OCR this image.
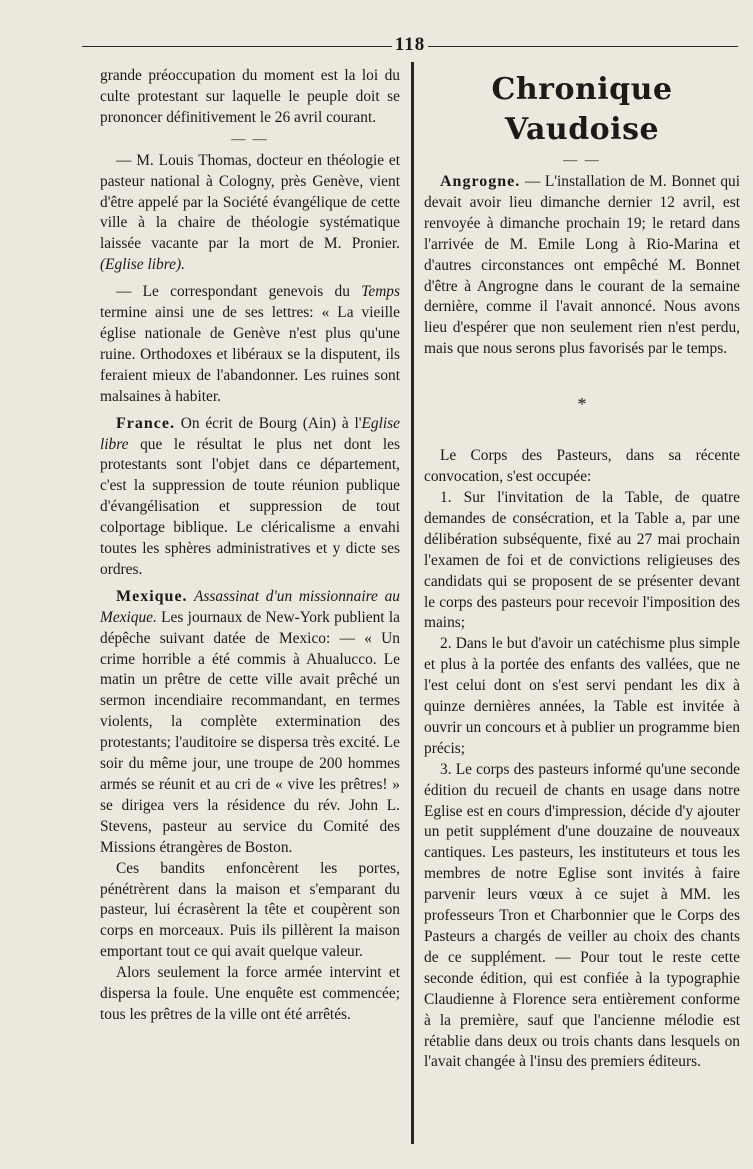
118

grande préoccupation du moment est la loi du culte protestant sur laquelle le peuple doit se prononcer définitivement le 26 avril courant.

— —

— M. Louis Thomas, docteur en théologie et pasteur national à Cologny, près Genève, vient d'être appelé par la Société évangélique de cette ville à la chaire de théologie systématique laissée vacante par la mort de M. Pronier. (Eglise libre).

— Le correspondant genevois du Temps termine ainsi une de ses lettres: « La vieille église nationale de Genève n'est plus qu'une ruine. Orthodoxes et libéraux se la disputent, ils feraient mieux de l'abandonner. Les ruines sont malsaines à habiter.

France. On écrit de Bourg (Ain) à l'Eglise libre que le résultat le plus net dont les protestants sont l'objet dans ce département, c'est la suppression de toute réunion publique d'évangélisation et suppression de tout colportage biblique. Le cléricalisme a envahi toutes les sphères administratives et y dicte ses ordres.

Mexique. Assassinat d'un missionnaire au Mexique. Les journaux de New-York publient la dépêche suivant datée de Mexico: — « Un crime horrible a été commis à Ahualucco. Le matin un prêtre de cette ville avait prêché un sermon incendiaire recommandant, en termes violents, la complète extermination des protestants; l'auditoire se dispersa très excité. Le soir du même jour, une troupe de 200 hommes armés se réunit et au cri de « vive les prêtres! » se dirigea vers la résidence du rév. John L. Stevens, pasteur au service du Comité des Missions étrangères de Boston.

Ces bandits enfoncèrent les portes, pénétrèrent dans la maison et s'emparant du pasteur, lui écrasèrent la tête et coupèrent son corps en morceaux. Puis ils pillèrent la maison emportant tout ce qui avait quelque valeur.

Alors seulement la force armée intervint et dispersa la foule. Une enquête est commencée; tous les prêtres de la ville ont été arrêtés.

Chronique Vaudoise
— —

Angrogne. — L'installation de M. Bonnet qui devait avoir lieu dimanche dernier 12 avril, est renvoyée à dimanche prochain 19; le retard dans l'arrivée de M. Emile Long à Rio-Marina et d'autres circonstances ont empêché M. Bonnet d'être à Angrogne dans le courant de la semaine dernière, comme il l'avait annoncé. Nous avons lieu d'espérer que non seulement rien n'est perdu, mais que nous serons plus favorisés par le temps.

*

Le Corps des Pasteurs, dans sa récente convocation, s'est occupée:

1. Sur l'invitation de la Table, de quatre demandes de consécration, et la Table a, par une délibération subséquente, fixé au 27 mai prochain l'examen de foi et de convictions religieuses des candidats qui se proposent de se présenter devant le corps des pasteurs pour recevoir l'imposition des mains;

2. Dans le but d'avoir un catéchisme plus simple et plus à la portée des enfants des vallées, que ne l'est celui dont on s'est servi pendant les dix à quinze dernières années, la Table est invitée à ouvrir un concours et à publier un programme bien précis;

3. Le corps des pasteurs informé qu'une seconde édition du recueil de chants en usage dans notre Eglise est en cours d'impression, décide d'y ajouter un petit supplément d'une douzaine de nouveaux cantiques. Les pasteurs, les instituteurs et tous les membres de notre Eglise sont invités à faire parvenir leurs vœux à ce sujet à MM. les professeurs Tron et Charbonnier que le Corps des Pasteurs a chargés de veiller au choix des chants de ce supplément. — Pour tout le reste cette seconde édition, qui est confiée à la typographie Claudienne à Florence sera entièrement conforme à la première, sauf que l'ancienne mélodie est rétablie dans deux ou trois chants dans lesquels on l'avait changée à l'insu des premiers éditeurs.
